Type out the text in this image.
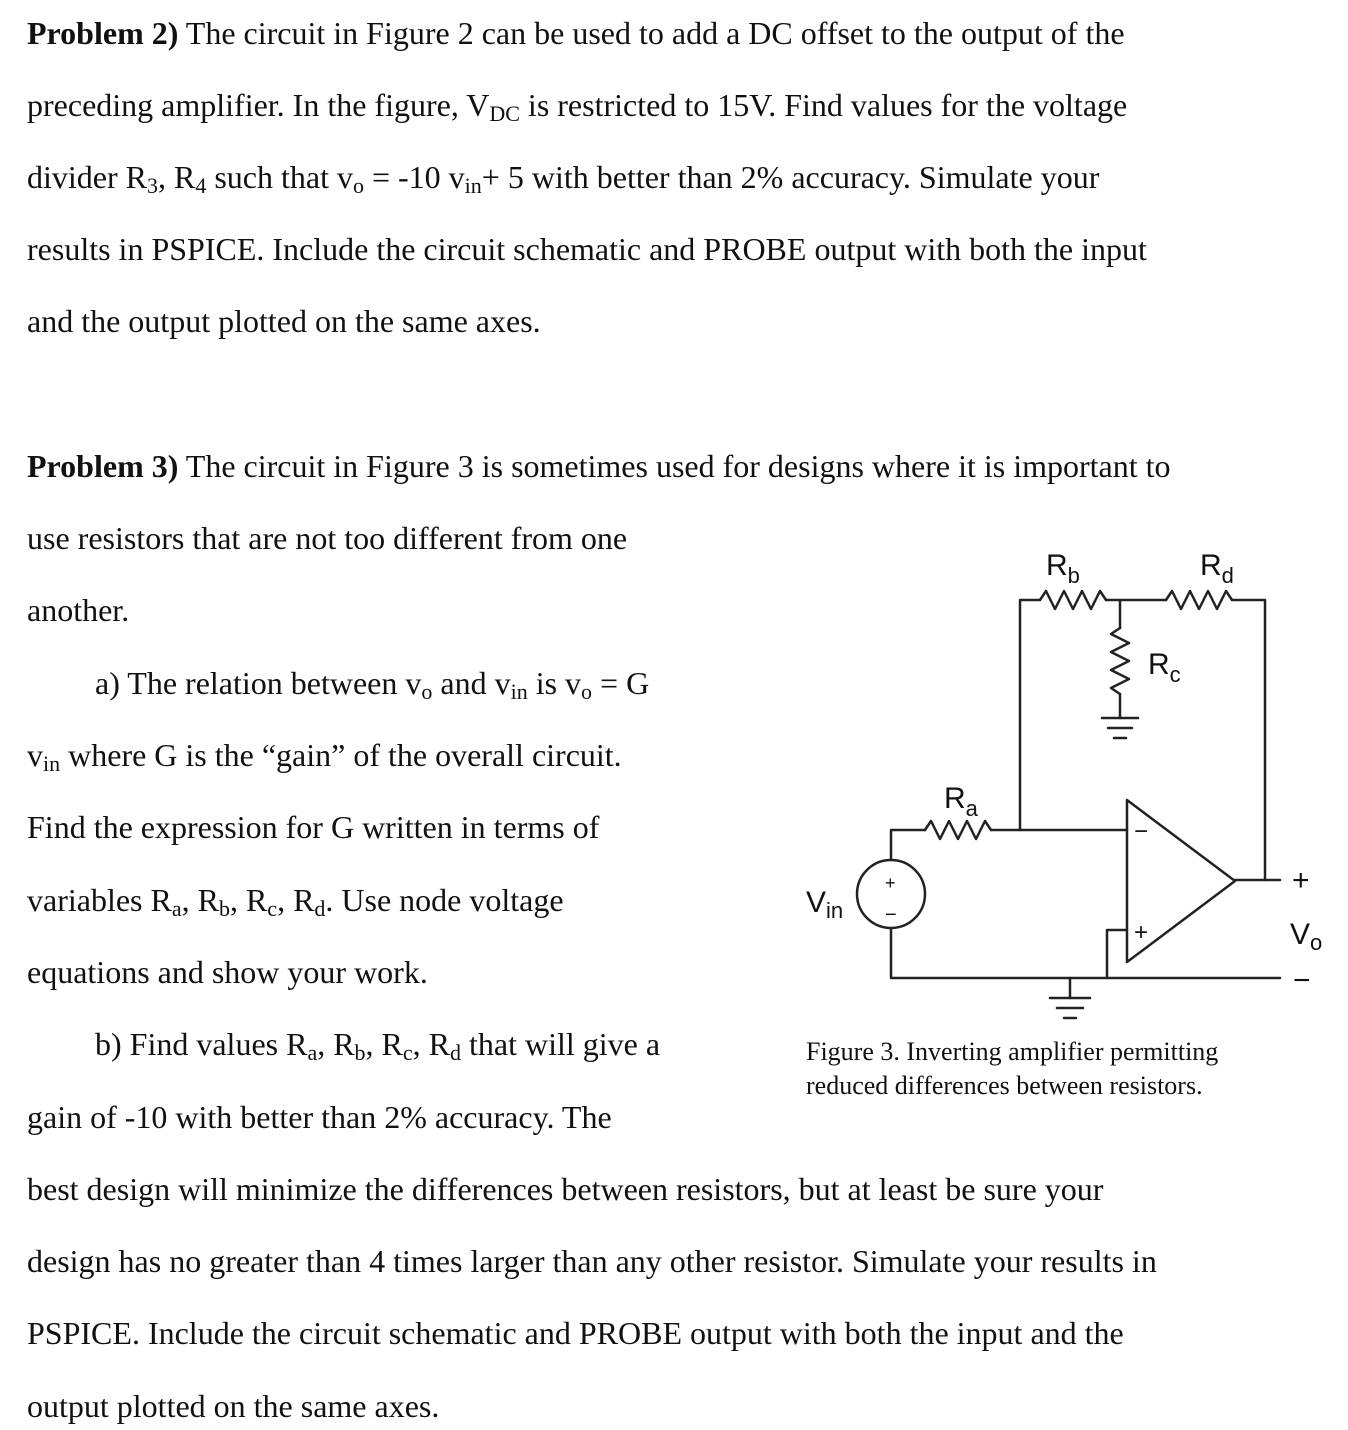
Problem 2) The circuit in Figure 2 can be used to add a DC offset to the output of the
preceding amplifier. In the figure, $V_{DC}$ is restricted to 15V. Find values for the voltage
divider $R_3$, $R_4$ such that $v_o = -10$ $v_{in}+ 5$ with better than 2% accuracy. Simulate your
results in PSPICE. Include the circuit schematic and PROBE output with both the input
and the output plotted on the same axes.
Problem 3) The circuit in Figure 3 is sometimes used for designs where it is important to
use resistors that are not too different from one
another.
a) The relation between $v_o$ and $v_{in}$ is $v_o = G$
$v_{in}$ where G is the “gain” of the overall circuit.
Find the expression for G written in terms of
variables $R_a$, $R_b$, $R_c$, $R_d$. Use node voltage
equations and show your work.
b) Find values $R_a$, $R_b$, $R_c$, $R_d$ that will give a
gain of -10 with better than 2% accuracy. The
best design will minimize the differences between resistors, but at least be sure your
design has no greater than 4 times larger than any other resistor. Simulate your results in
PSPICE. Include the circuit schematic and PROBE output with both the input and the
output plotted on the same axes.
$R_b$	$R_d$
$R_c$
$R_a$
$V_{in}$
$V_o$
+
−
−
+
+
−
Figure 3. Inverting amplifier permitting
reduced differences between resistors.
